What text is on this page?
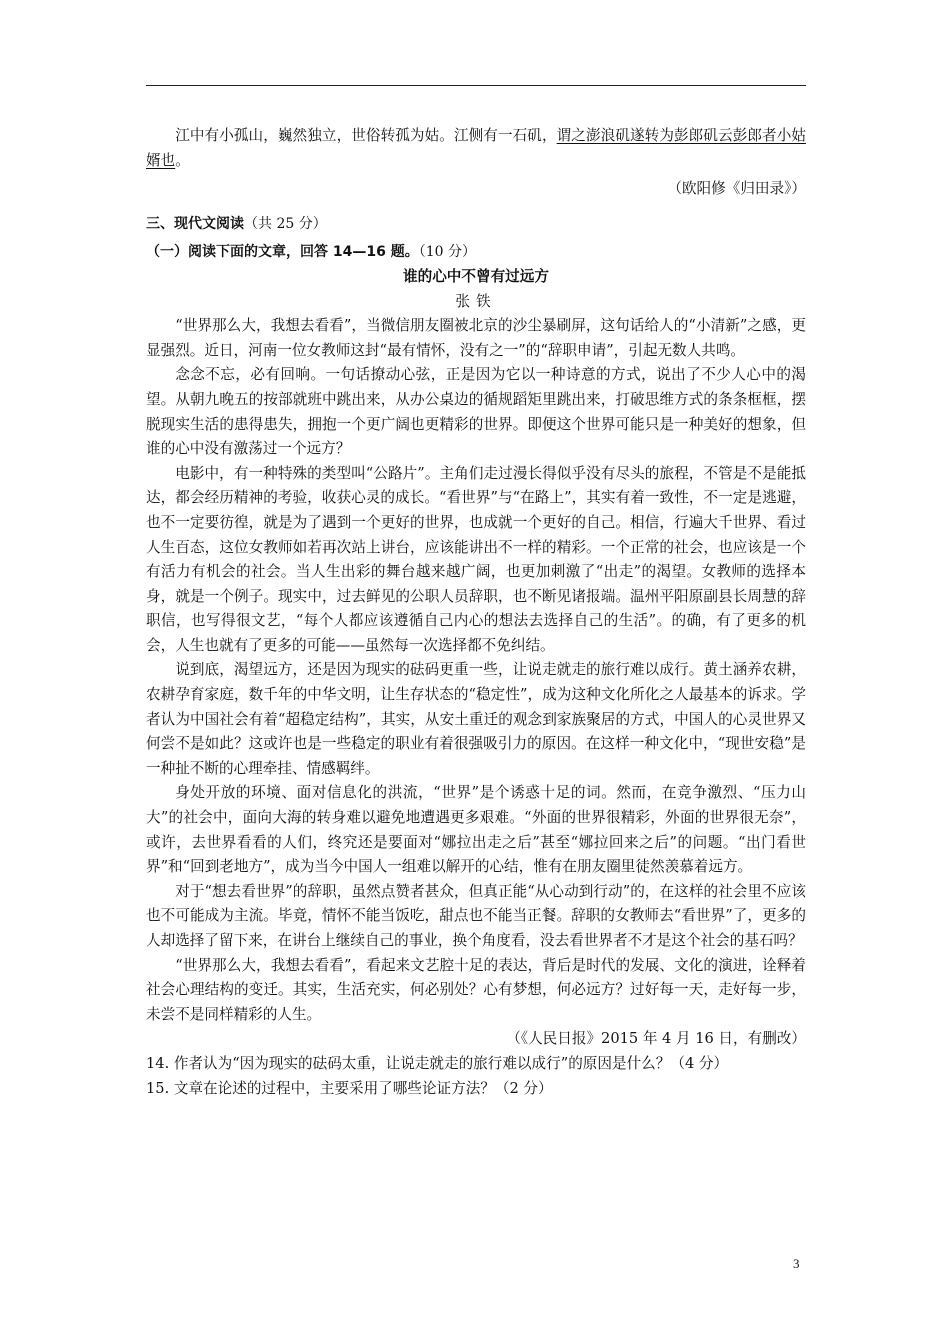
江中有小孤山，巍然独立，世俗转孤为姑。江侧有一石矶，谓之澎浪矶遂转为彭郎矶云彭郎者小姑婿也。

（欧阳修《归田录》）

三、现代文阅读（共 25 分）

（一）阅读下面的文章，回答 14—16 题。（10 分）

谁的心中不曾有过远方

张铁

“世界那么大，我想去看看”，当微信朋友圈被北京的沙尘暴刷屏，这句话给人的“小清新”之感，更显强烈。近日，河南一位女教师这封“最有情怀，没有之一”的“辞职申请”，引起无数人共鸣。

念念不忘，必有回响。一句话撩动心弦，正是因为它以一种诗意的方式，说出了不少人心中的渴望。从朝九晚五的按部就班中跳出来，从办公桌边的循规蹈矩里跳出来，打破思维方式的条条框框，摆脱现实生活的患得患失，拥抱一个更广阔也更精彩的世界。即便这个世界可能只是一种美好的想象，但谁的心中没有激荡过一个远方？

电影中，有一种特殊的类型叫“公路片”。主角们走过漫长得似乎没有尽头的旅程，不管是不是能抵达，都会经历精神的考验，收获心灵的成长。“看世界”与“在路上”，其实有着一致性，不一定是逃避，也不一定要彷徨，就是为了遇到一个更好的世界，也成就一个更好的自己。相信，行遍大千世界、看过人生百态，这位女教师如若再次站上讲台，应该能讲出不一样的精彩。一个正常的社会，也应该是一个有活力有机会的社会。当人生出彩的舞台越来越广阔，也更加刺激了“出走”的渴望。女教师的选择本身，就是一个例子。现实中，过去鲜见的公职人员辞职，也不断见诸报端。温州平阳原副县长周慧的辞职信，也写得很文艺，“每个人都应该遵循自己内心的想法去选择自己的生活”。的确，有了更多的机会，人生也就有了更多的可能——虽然每一次选择都不免纠结。

说到底，渴望远方，还是因为现实的砝码更重一些，让说走就走的旅行难以成行。黄土涵养农耕，农耕孕育家庭，数千年的中华文明，让生存状态的“稳定性”，成为这种文化所化之人最基本的诉求。学者认为中国社会有着“超稳定结构”，其实，从安土重迁的观念到家族聚居的方式，中国人的心灵世界又何尝不是如此？这或许也是一些稳定的职业有着很强吸引力的原因。在这样一种文化中，“现世安稳”是一种扯不断的心理牵挂、情感羁绊。

身处开放的环境、面对信息化的洪流，“世界”是个诱惑十足的词。然而，在竞争激烈、“压力山大”的社会中，面向大海的转身难以避免地遭遇更多艰难。“外面的世界很精彩，外面的世界很无奈”，或许，去世界看看的人们，终究还是要面对“娜拉出走之后”甚至“娜拉回来之后”的问题。“出门看世界”和“回到老地方”，成为当今中国人一组难以解开的心结，惟有在朋友圈里徒然羡慕着远方。

对于“想去看世界”的辞职，虽然点赞者甚众，但真正能“从心动到行动”的，在这样的社会里不应该也不可能成为主流。毕竟，情怀不能当饭吃，甜点也不能当正餐。辞职的女教师去“看世界”了，更多的人却选择了留下来，在讲台上继续自己的事业，换个角度看，没去看世界者不才是这个社会的基石吗？

“世界那么大，我想去看看”，看起来文艺腔十足的表达，背后是时代的发展、文化的演进，诠释着社会心理结构的变迁。其实，生活充实，何必别处？心有梦想，何必远方？过好每一天，走好每一步，未尝不是同样精彩的人生。

（《人民日报》2015 年 4 月 16 日，有删改）

14. 作者认为“因为现实的砝码太重，让说走就走的旅行难以成行”的原因是什么？（4 分）

15. 文章在论述的过程中，主要采用了哪些论证方法？（2 分）

3
